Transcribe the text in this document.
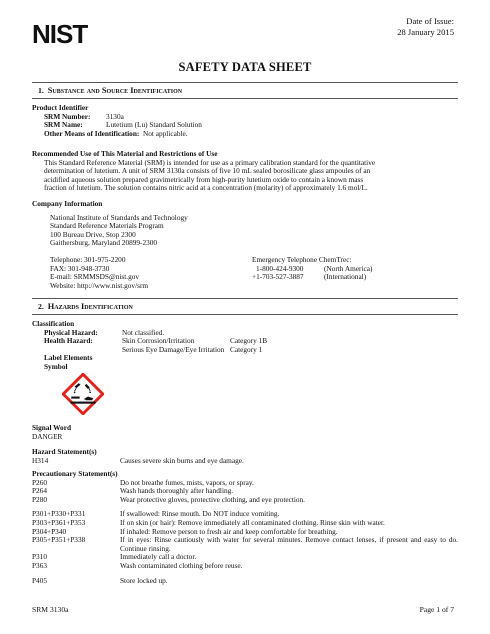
NIST	Date of Issue:
28 January 2015
SAFETY DATA SHEET
1. Substance and Source Identification
Product Identifier
SRM Number:	3130a
SRM Name:	Lutetium (Lu) Standard Solution
Other Means of Identification: Not applicable.
Recommended Use of This Material and Restrictions of Use
This Standard Reference Material (SRM) is intended for use as a primary calibration standard for the quantitative
determination of lutetium. A unit of SRM 3130a consists of five 10 mL sealed borosilicate glass ampoules of an
acidified aqueous solution prepared gravimetrically from high-purity lutetium oxide to contain a known mass
fraction of lutetium. The solution contains nitric acid at a concentration (molarity) of approximately 1.6 mol/L.
Company Information
National Institute of Standards and Technology
Standard Reference Materials Program
100 Bureau Drive, Stop 2300
Gaithersburg, Maryland 20899-2300
Telephone: 301-975-2200
FAX: 301-948-3730
E-mail: SRMMSDS@nist.gov
Website: http://www.nist.gov/srm
Emergency Telephone ChemTrec:
1-800-424-9300	(North America)
+1-703-527-3887	(International)
2. Hazards Identification
Classification
Physical Hazard:	Not classified.
Health Hazard:	Skin Corrosion/Irritation	Category 1B
Serious Eye Damage/Eye Irritation Category 1
Label Elements
Symbol
Signal Word
DANGER
Hazard Statement(s)
H314	Causes severe skin burns and eye damage.
Precautionary Statement(s)
P260	Do not breathe fumes, mists, vapors, or spray.
P264	Wash hands thoroughly after handling.
P280	Wear protective gloves, protective clothing, and eye protection.
P301+P330+P331	If swallowed: Rinse mouth. Do NOT induce vomiting.
P303+P361+P353	If on skin (or hair): Remove immediately all contaminated clothing. Rinse skin with water.
P304+P340	If inhaled: Remove person to fresh air and keep comfortable for breathing.
P305+P351+P338	If in eyes: Rinse cautiously with water for several minutes. Remove contact lenses, if present and easy to do. Continue rinsing.
P310	Immediately call a doctor.
P363	Wash contaminated clothing before reuse.
P405	Store locked up.
SRM 3130a	Page 1 of 7
